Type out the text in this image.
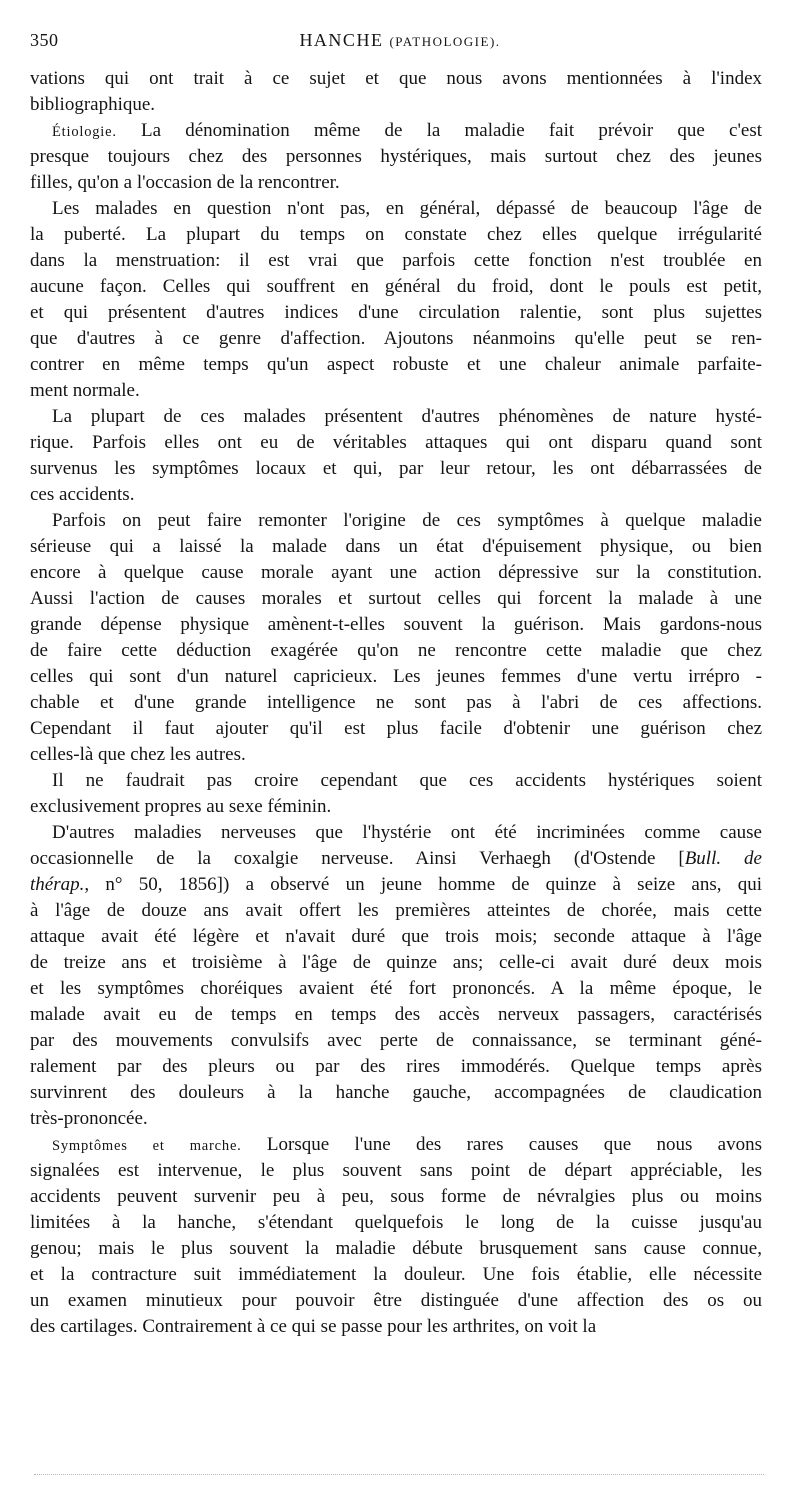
350	HANCHE (PATHOLOGIE).
vations qui ont trait à ce sujet et que nous avons mentionnées à l'index
bibliographique.
Étiologie. La dénomination même de la maladie fait prévoir que c'est
presque toujours chez des personnes hystériques, mais surtout chez des jeunes
filles, qu'on a l'occasion de la rencontrer.
Les malades en question n'ont pas, en général, dépassé de beaucoup l'âge de
la puberté. La plupart du temps on constate chez elles quelque irrégularité
dans la menstruation: il est vrai que parfois cette fonction n'est troublée en
aucune façon. Celles qui souffrent en général du froid, dont le pouls est petit,
et qui présentent d'autres indices d'une circulation ralentie, sont plus sujettes
que d'autres à ce genre d'affection. Ajoutons néanmoins qu'elle peut se ren-
contrer en même temps qu'un aspect robuste et une chaleur animale parfaite-
ment normale.
La plupart de ces malades présentent d'autres phénomènes de nature hysté-
rique. Parfois elles ont eu de véritables attaques qui ont disparu quand sont
survenus les symptômes locaux et qui, par leur retour, les ont débarrassées de
ces accidents.
Parfois on peut faire remonter l'origine de ces symptômes à quelque maladie
sérieuse qui a laissé la malade dans un état d'épuisement physique, ou bien
encore à quelque cause morale ayant une action dépressive sur la constitution.
Aussi l'action de causes morales et surtout celles qui forcent la malade à une
grande dépense physique amènent-t-elles souvent la guérison. Mais gardons-nous
de faire cette déduction exagérée qu'on ne rencontre cette maladie que chez
celles qui sont d'un naturel capricieux. Les jeunes femmes d'une vertu irrépro -
chable et d'une grande intelligence ne sont pas à l'abri de ces affections.
Cependant il faut ajouter qu'il est plus facile d'obtenir une guérison chez
celles-là que chez les autres.
Il ne faudrait pas croire cependant que ces accidents hystériques soient
exclusivement propres au sexe féminin.
D'autres maladies nerveuses que l'hystérie ont été incriminées comme cause
occasionnelle de la coxalgie nerveuse. Ainsi Verhaegh (d'Ostende [Bull. de
thérap., n° 50, 1856]) a observé un jeune homme de quinze à seize ans, qui
à l'âge de douze ans avait offert les premières atteintes de chorée, mais cette
attaque avait été légère et n'avait duré que trois mois; seconde attaque à l'âge
de treize ans et troisième à l'âge de quinze ans; celle-ci avait duré deux mois
et les symptômes choréiques avaient été fort prononcés. A la même époque, le
malade avait eu de temps en temps des accès nerveux passagers, caractérisés
par des mouvements convulsifs avec perte de connaissance, se terminant géné-
ralement par des pleurs ou par des rires immodérés. Quelque temps après
survinrent des douleurs à la hanche gauche, accompagnées de claudication
très-prononcée.
Symptômes et marche. Lorsque l'une des rares causes que nous avons
signalées est intervenue, le plus souvent sans point de départ appréciable, les
accidents peuvent survenir peu à peu, sous forme de névralgies plus ou moins
limitées à la hanche, s'étendant quelquefois le long de la cuisse jusqu'au
genou; mais le plus souvent la maladie débute brusquement sans cause connue,
et la contracture suit immédiatement la douleur. Une fois établie, elle nécessite
un examen minutieux pour pouvoir être distinguée d'une affection des os ou
des cartilages. Contrairement à ce qui se passe pour les arthrites, on voit la
